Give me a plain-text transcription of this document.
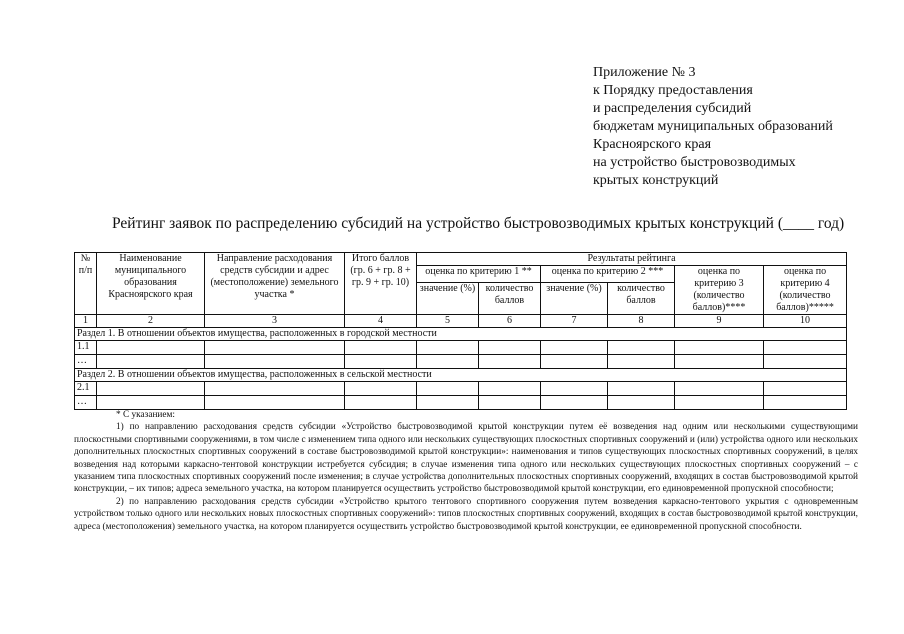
Приложение № 3
к Порядку предоставления
и распределения субсидий
бюджетам муниципальных образований
Красноярского края
на устройство быстровозводимых
крытых конструкций
Рейтинг заявок по распределению субсидий на устройство быстровозводимых крытых конструкций (____ год)
№ п/п	Наименование муниципального образования Красноярского края	Направление расходования средств субсидии и адрес (местоположение) земельного участка *	Итого баллов (гр. 6 + гр. 8 + гр. 9 + гр. 10)	Результаты рейтинга					
				оценка по критерию 1 **		оценка по критерию 2 ***		оценка по критерию 3 (количество баллов)****	оценка по критерию 4 (количество баллов)*****
				значение (%)	количество баллов	значение (%)	количество баллов		
1	2	3	4	5	6	7	8	9	10
Раздел 1. В отношении объектов имущества, расположенных в городской местности									
1.1									
…									
Раздел 2. В отношении объектов имущества, расположенных в сельской местности									
2.1									
…									

* С указанием:

1) по направлению расходования средств субсидии «Устройство быстровозводимой крытой конструкции путем её возведения над одним или несколькими существующими плоскостными спортивными сооружениями, в том числе с изменением типа одного или нескольких существующих плоскостных спортивных сооружений и (или) устройства одного или нескольких дополнительных плоскостных спортивных сооружений в составе быстровозводимой крытой конструкции»: наименования и типов существующих плоскостных спортивных сооружений, в целях возведения над которыми каркасно-тентовой конструкции истребуется субсидия; в случае изменения типа одного или нескольких существующих плоскостных спортивных сооружений – с указанием типа плоскостных спортивных сооружений после изменения; в случае устройства дополнительных плоскостных спортивных сооружений, входящих в состав быстровозводимой крытой конструкции, – их типов; адреса земельного участка, на котором планируется осуществить устройство быстровозводимой крытой конструкции, его единовременной пропускной способности;

2) по направлению расходования средств субсидии «Устройство крытого тентового спортивного сооружения путем возведения каркасно-тентового укрытия с одновременным устройством только одного или нескольких новых плоскостных спортивных сооружений»: типов плоскостных спортивных сооружений, входящих в состав быстровозводимой крытой конструкции, адреса (местоположения) земельного участка, на котором планируется осуществить устройство быстровозводимой крытой конструкции, ее единовременной пропускной способности.
